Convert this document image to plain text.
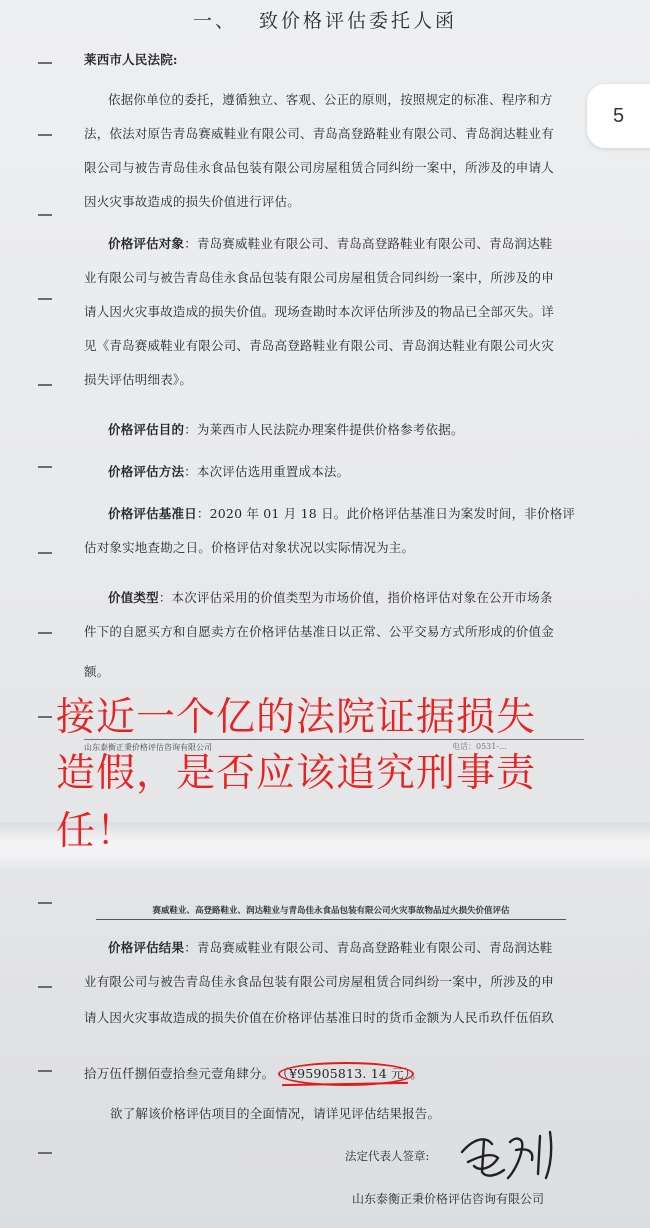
一、 致价格评估委托人函
莱西市人民法院:
依据你单位的委托，遵循独立、客观、公正的原则，按照规定的标准、程序和方
法，依法对原告青岛赛威鞋业有限公司、青岛高登路鞋业有限公司、青岛润达鞋业有
限公司与被告青岛佳永食品包装有限公司房屋租赁合同纠纷一案中，所涉及的申请人
因火灾事故造成的损失价值进行评估。
价格评估对象：青岛赛威鞋业有限公司、青岛高登路鞋业有限公司、青岛润达鞋
业有限公司与被告青岛佳永食品包装有限公司房屋租赁合同纠纷一案中，所涉及的申
请人因火灾事故造成的损失价值。现场查勘时本次评估所涉及的物品已全部灭失。详
见《青岛赛威鞋业有限公司、青岛高登路鞋业有限公司、青岛润达鞋业有限公司火灾
损失评估明细表》。
价格评估目的：为莱西市人民法院办理案件提供价格参考依据。
价格评估方法：本次评估选用重置成本法。
价格评估基准日：2020 年 01 月 18 日。此价格评估基准日为案发时间，非价格评
估对象实地查勘之日。价格评估对象状况以实际情况为主。
价值类型：本次评估采用的价值类型为市场价值，指价格评估对象在公开市场条
件下的自愿买方和自愿卖方在价格评估基准日以正常、公平交易方式所形成的价值金
额。
山东泰衡正秉价格评估咨询有限公司	电话：0531-...
赛威鞋业、高登路鞋业、润达鞋业与青岛佳永食品包装有限公司火灾事故物品过火损失价值评估
价格评估结果：青岛赛威鞋业有限公司、青岛高登路鞋业有限公司、青岛润达鞋
业有限公司与被告青岛佳永食品包装有限公司房屋租赁合同纠纷一案中，所涉及的申
请人因火灾事故造成的损失价值在价格评估基准日时的货币金额为人民币玖仟伍佰玖
拾万伍仟捌佰壹拾叁元壹角肆分。 （¥95905813. 14 元）。
欲了解该价格评估项目的全面情况，请详见评估结果报告。
法定代表人签章:
山东泰衡正秉价格评估咨询有限公司
接近一个亿的法院证据损失
造假，是否应该追究刑事责
任！
5
